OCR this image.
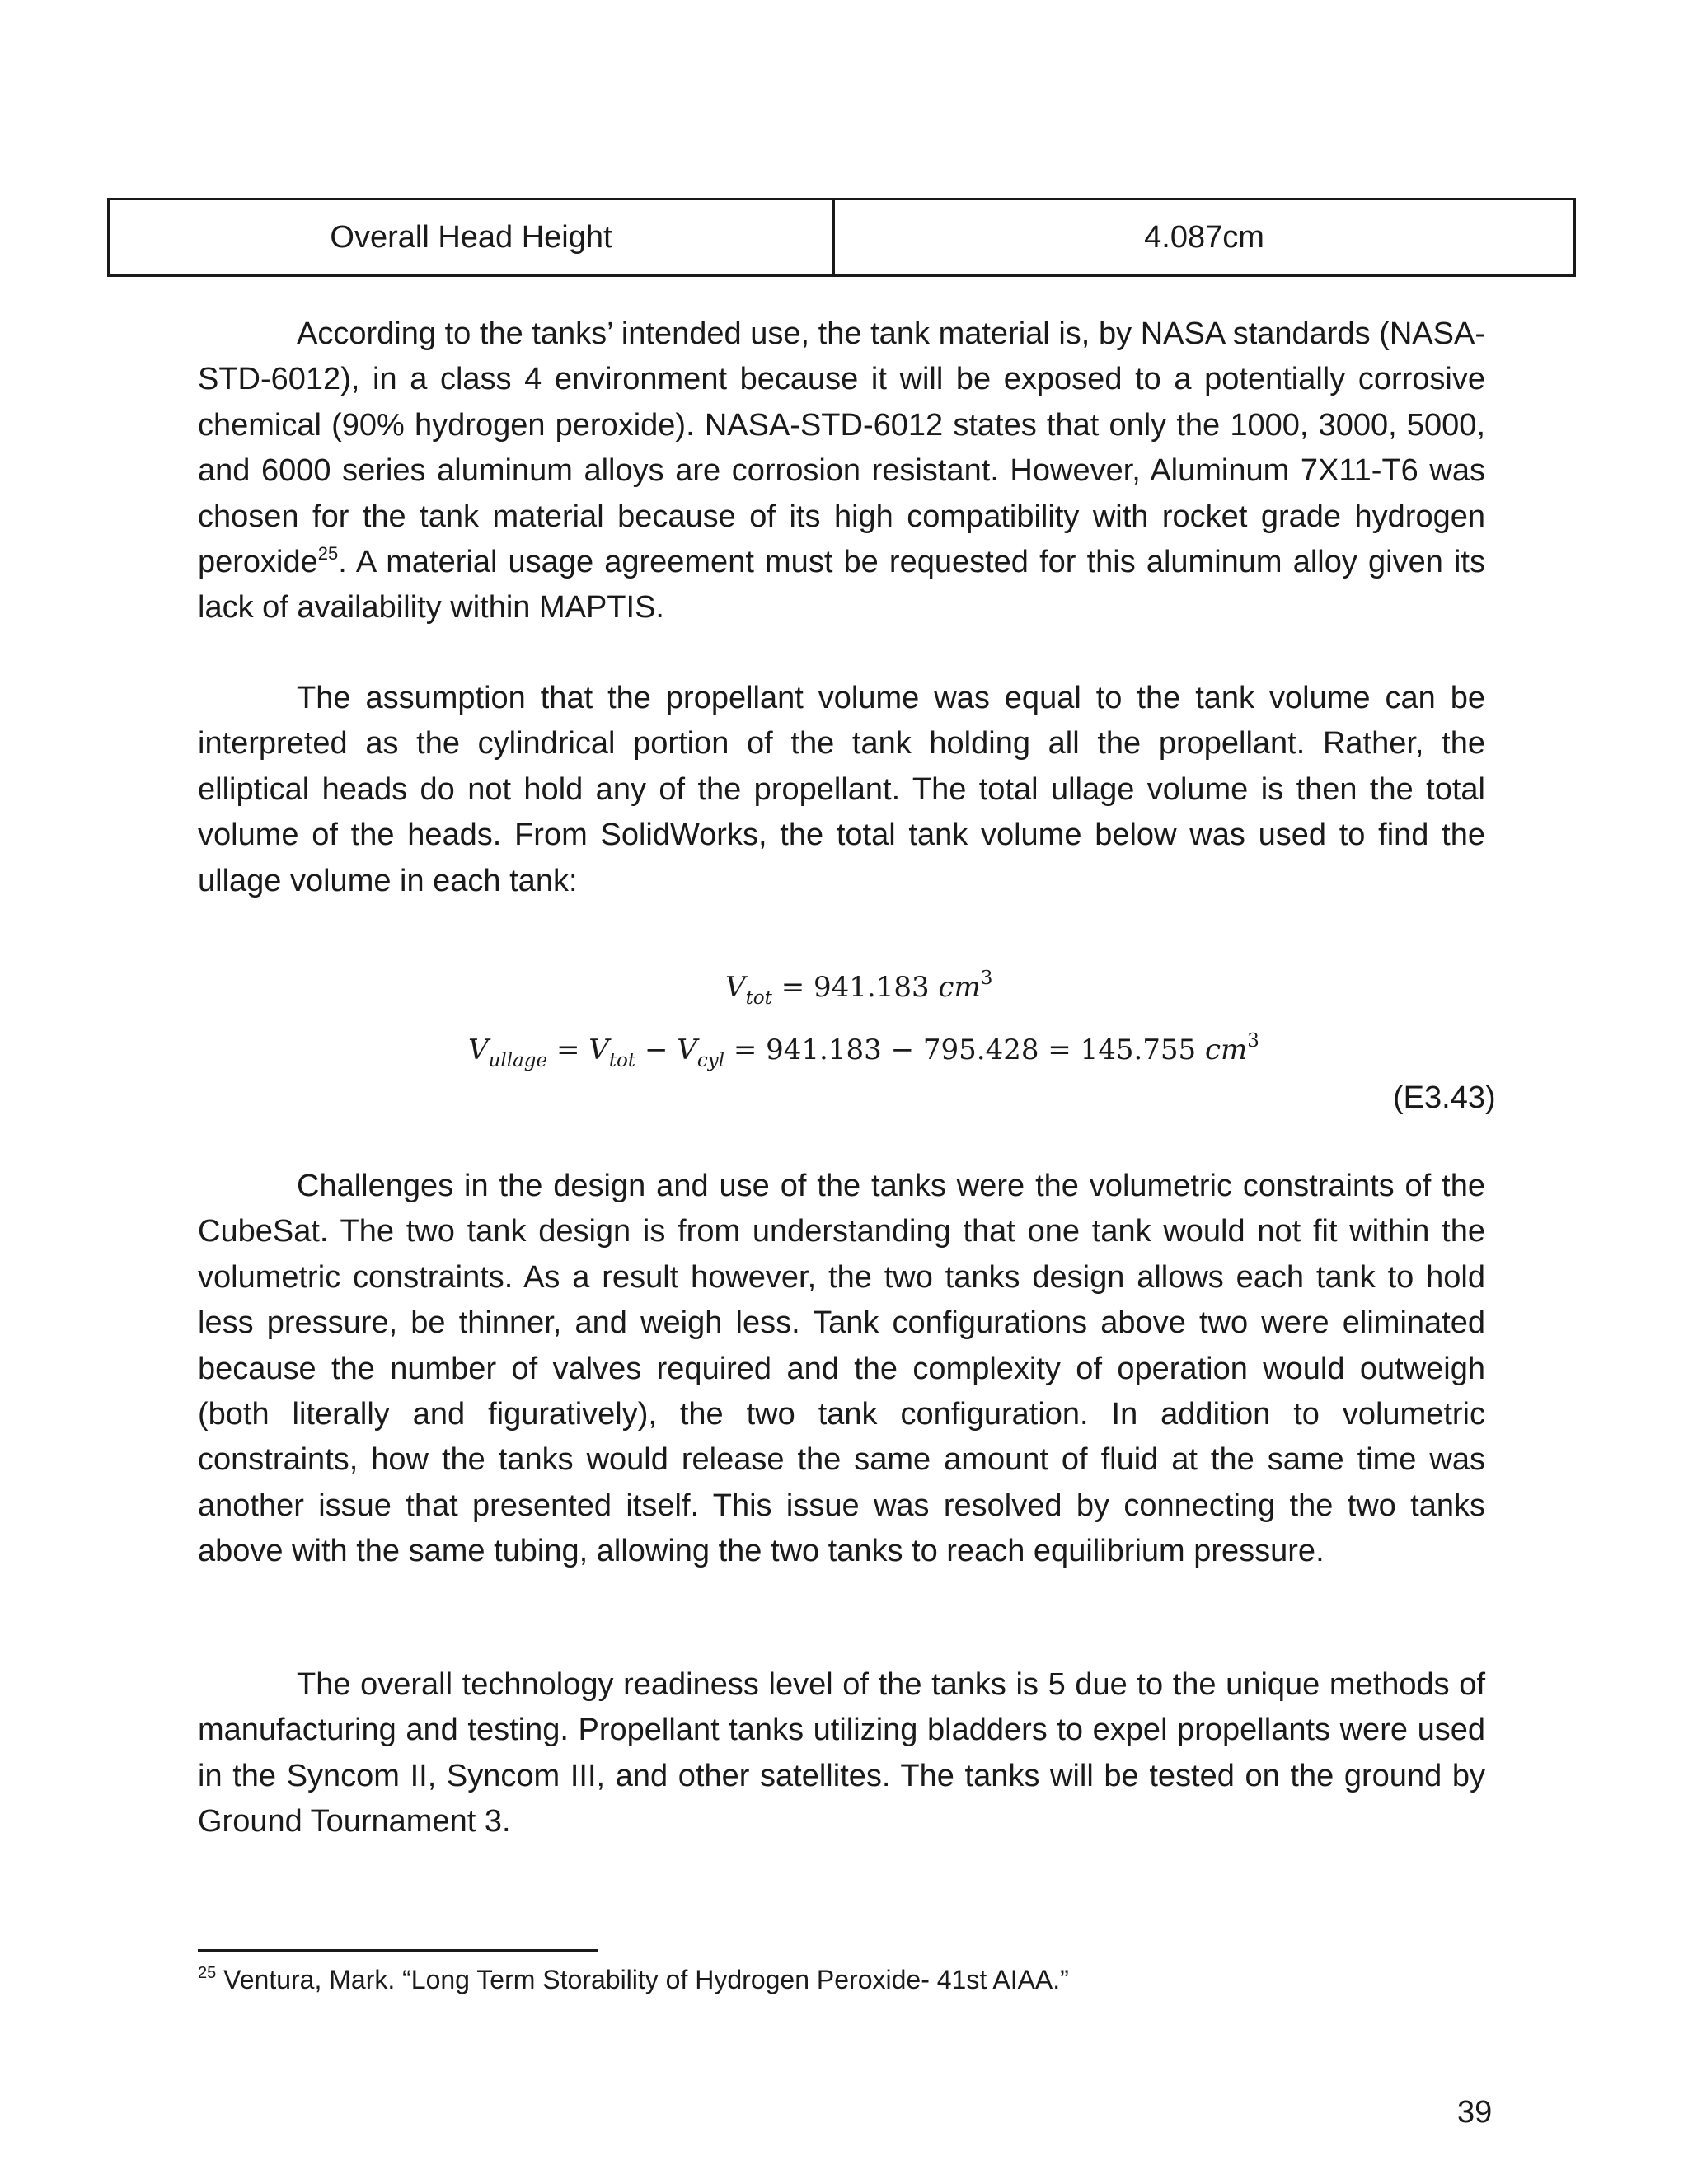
Overall Head Height	4.087cm

According to the tanks’ intended use, the tank material is, by NASA standards (NASA-STD-6012), in a class 4 environment because it will be exposed to a potentially corrosive chemical (90% hydrogen peroxide). NASA-STD-6012 states that only the 1000, 3000, 5000, and 6000 series aluminum alloys are corrosion resistant. However, Aluminum 7X11-T6 was chosen for the tank material because of its high compatibility with rocket grade hydrogen peroxide$^{25}$. A material usage agreement must be requested for this aluminum alloy given its lack of availability within MAPTIS.

The assumption that the propellant volume was equal to the tank volume can be interpreted as the cylindrical portion of the tank holding all the propellant. Rather, the elliptical heads do not hold any of the propellant. The total ullage volume is then the total volume of the heads. From SolidWorks, the total tank volume below was used to find the ullage volume in each tank:

$V_{tot} = 941.183$ $cm^3$
$V_{ullage} = V_{tot} - V_{cyl} = 941.183 - 795.428 = 145.755$ $cm^3$
(E3.43)

Challenges in the design and use of the tanks were the volumetric constraints of the CubeSat. The two tank design is from understanding that one tank would not fit within the volumetric constraints. As a result however, the two tanks design allows each tank to hold less pressure, be thinner, and weigh less. Tank configurations above two were eliminated because the number of valves required and the complexity of operation would outweigh (both literally and figuratively), the two tank configuration. In addition to volumetric constraints, how the tanks would release the same amount of fluid at the same time was another issue that presented itself. This issue was resolved by connecting the two tanks above with the same tubing, allowing the two tanks to reach equilibrium pressure.

The overall technology readiness level of the tanks is 5 due to the unique methods of manufacturing and testing. Propellant tanks utilizing bladders to expel propellants were used in the Syncom II, Syncom III, and other satellites. The tanks will be tested on the ground by Ground Tournament 3.

$^{25}$ Ventura, Mark. “Long Term Storability of Hydrogen Peroxide- 41st AIAA.”
39
